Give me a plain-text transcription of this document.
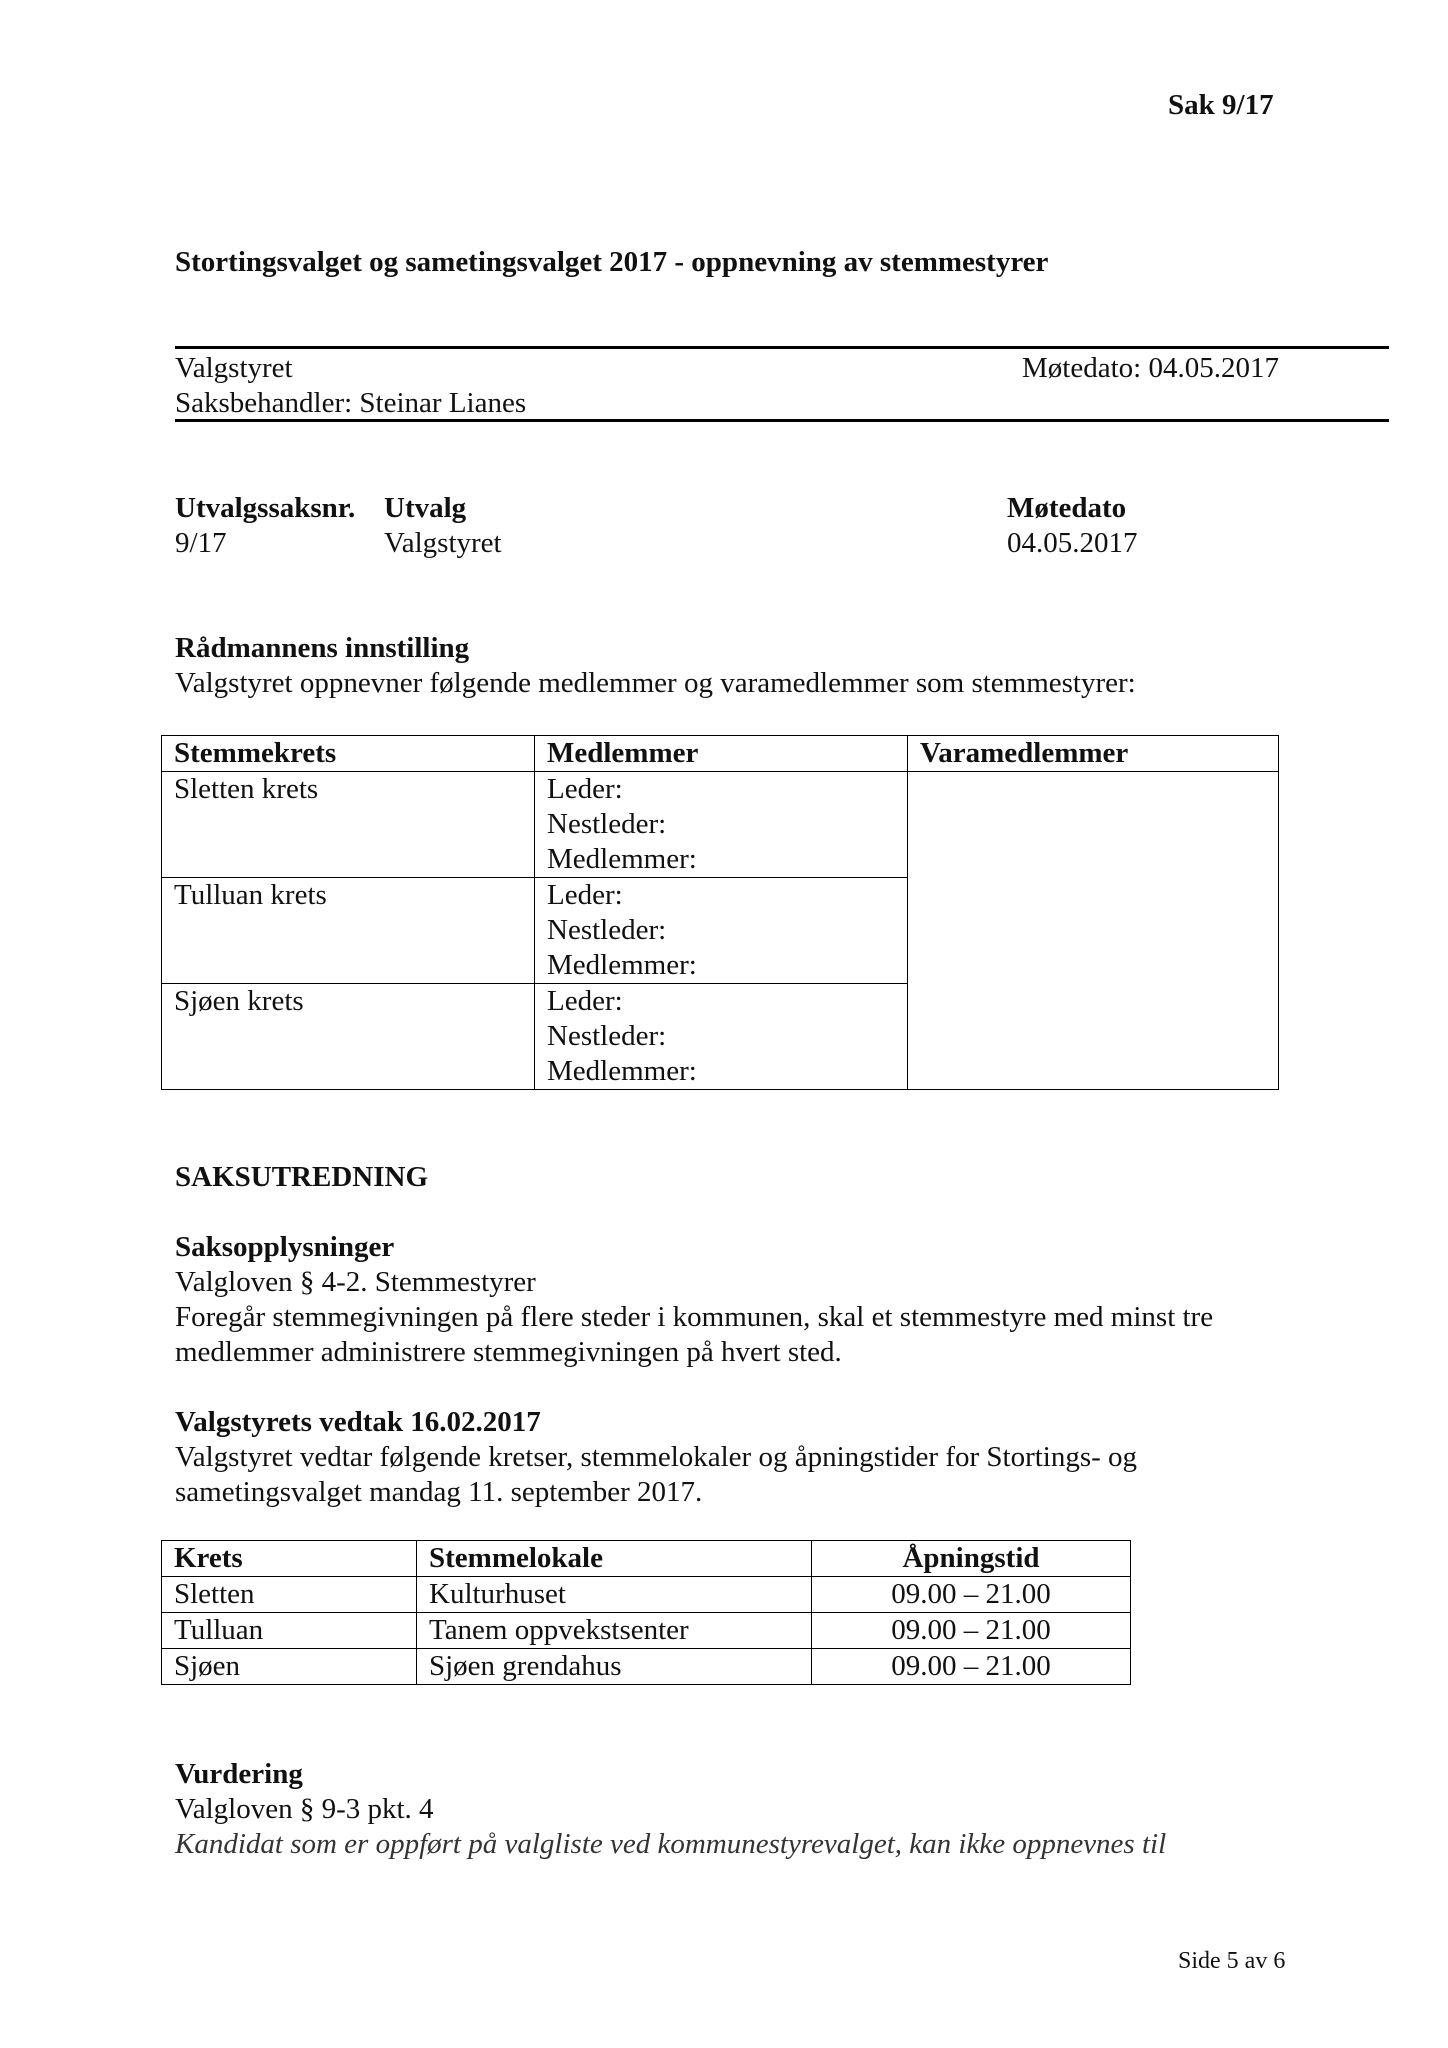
Sak 9/17
Stortingsvalget og sametingsvalget 2017 - oppnevning av stemmestyrer
Valgstyret	Møtedato: 04.05.2017
Saksbehandler: Steinar Lianes
Utvalgssaksnr. Utvalg	Møtedato
9/17	Valgstyret	04.05.2017
Rådmannens innstilling
Valgstyret oppnevner følgende medlemmer og varamedlemmer som stemmestyrer:
Stemmekrets	Medlemmer	Varamedlemmer
Sletten krets	Leder:
Nestleder:
Medlemmer:	

Tulluan krets	Leder:
Nestleder:
Medlemmer:	

Sjøen krets	Leder:
Nestleder:
Medlemmer:	
SAKSUTREDNING
Saksopplysninger
Valgloven § 4-2. Stemmestyrer
Foregår stemmegivningen på flere steder i kommunen, skal et stemmestyre med minst tre
medlemmer administrere stemmegivningen på hvert sted.
Valgstyrets vedtak 16.02.2017
Valgstyret vedtar følgende kretser, stemmelokaler og åpningstider for Stortings- og
sametingsvalget mandag 11. september 2017.
Krets	Stemmelokale	Åpningstid
Sletten	Kulturhuset	09.00 – 21.00
Tulluan	Tanem oppvekstsenter	09.00 – 21.00
Sjøen	Sjøen grendahus	09.00 – 21.00
Vurdering
Valgloven § 9-3 pkt. 4
Kandidat som er oppført på valgliste ved kommunestyrevalget, kan ikke oppnevnes til
Side 5 av 6
